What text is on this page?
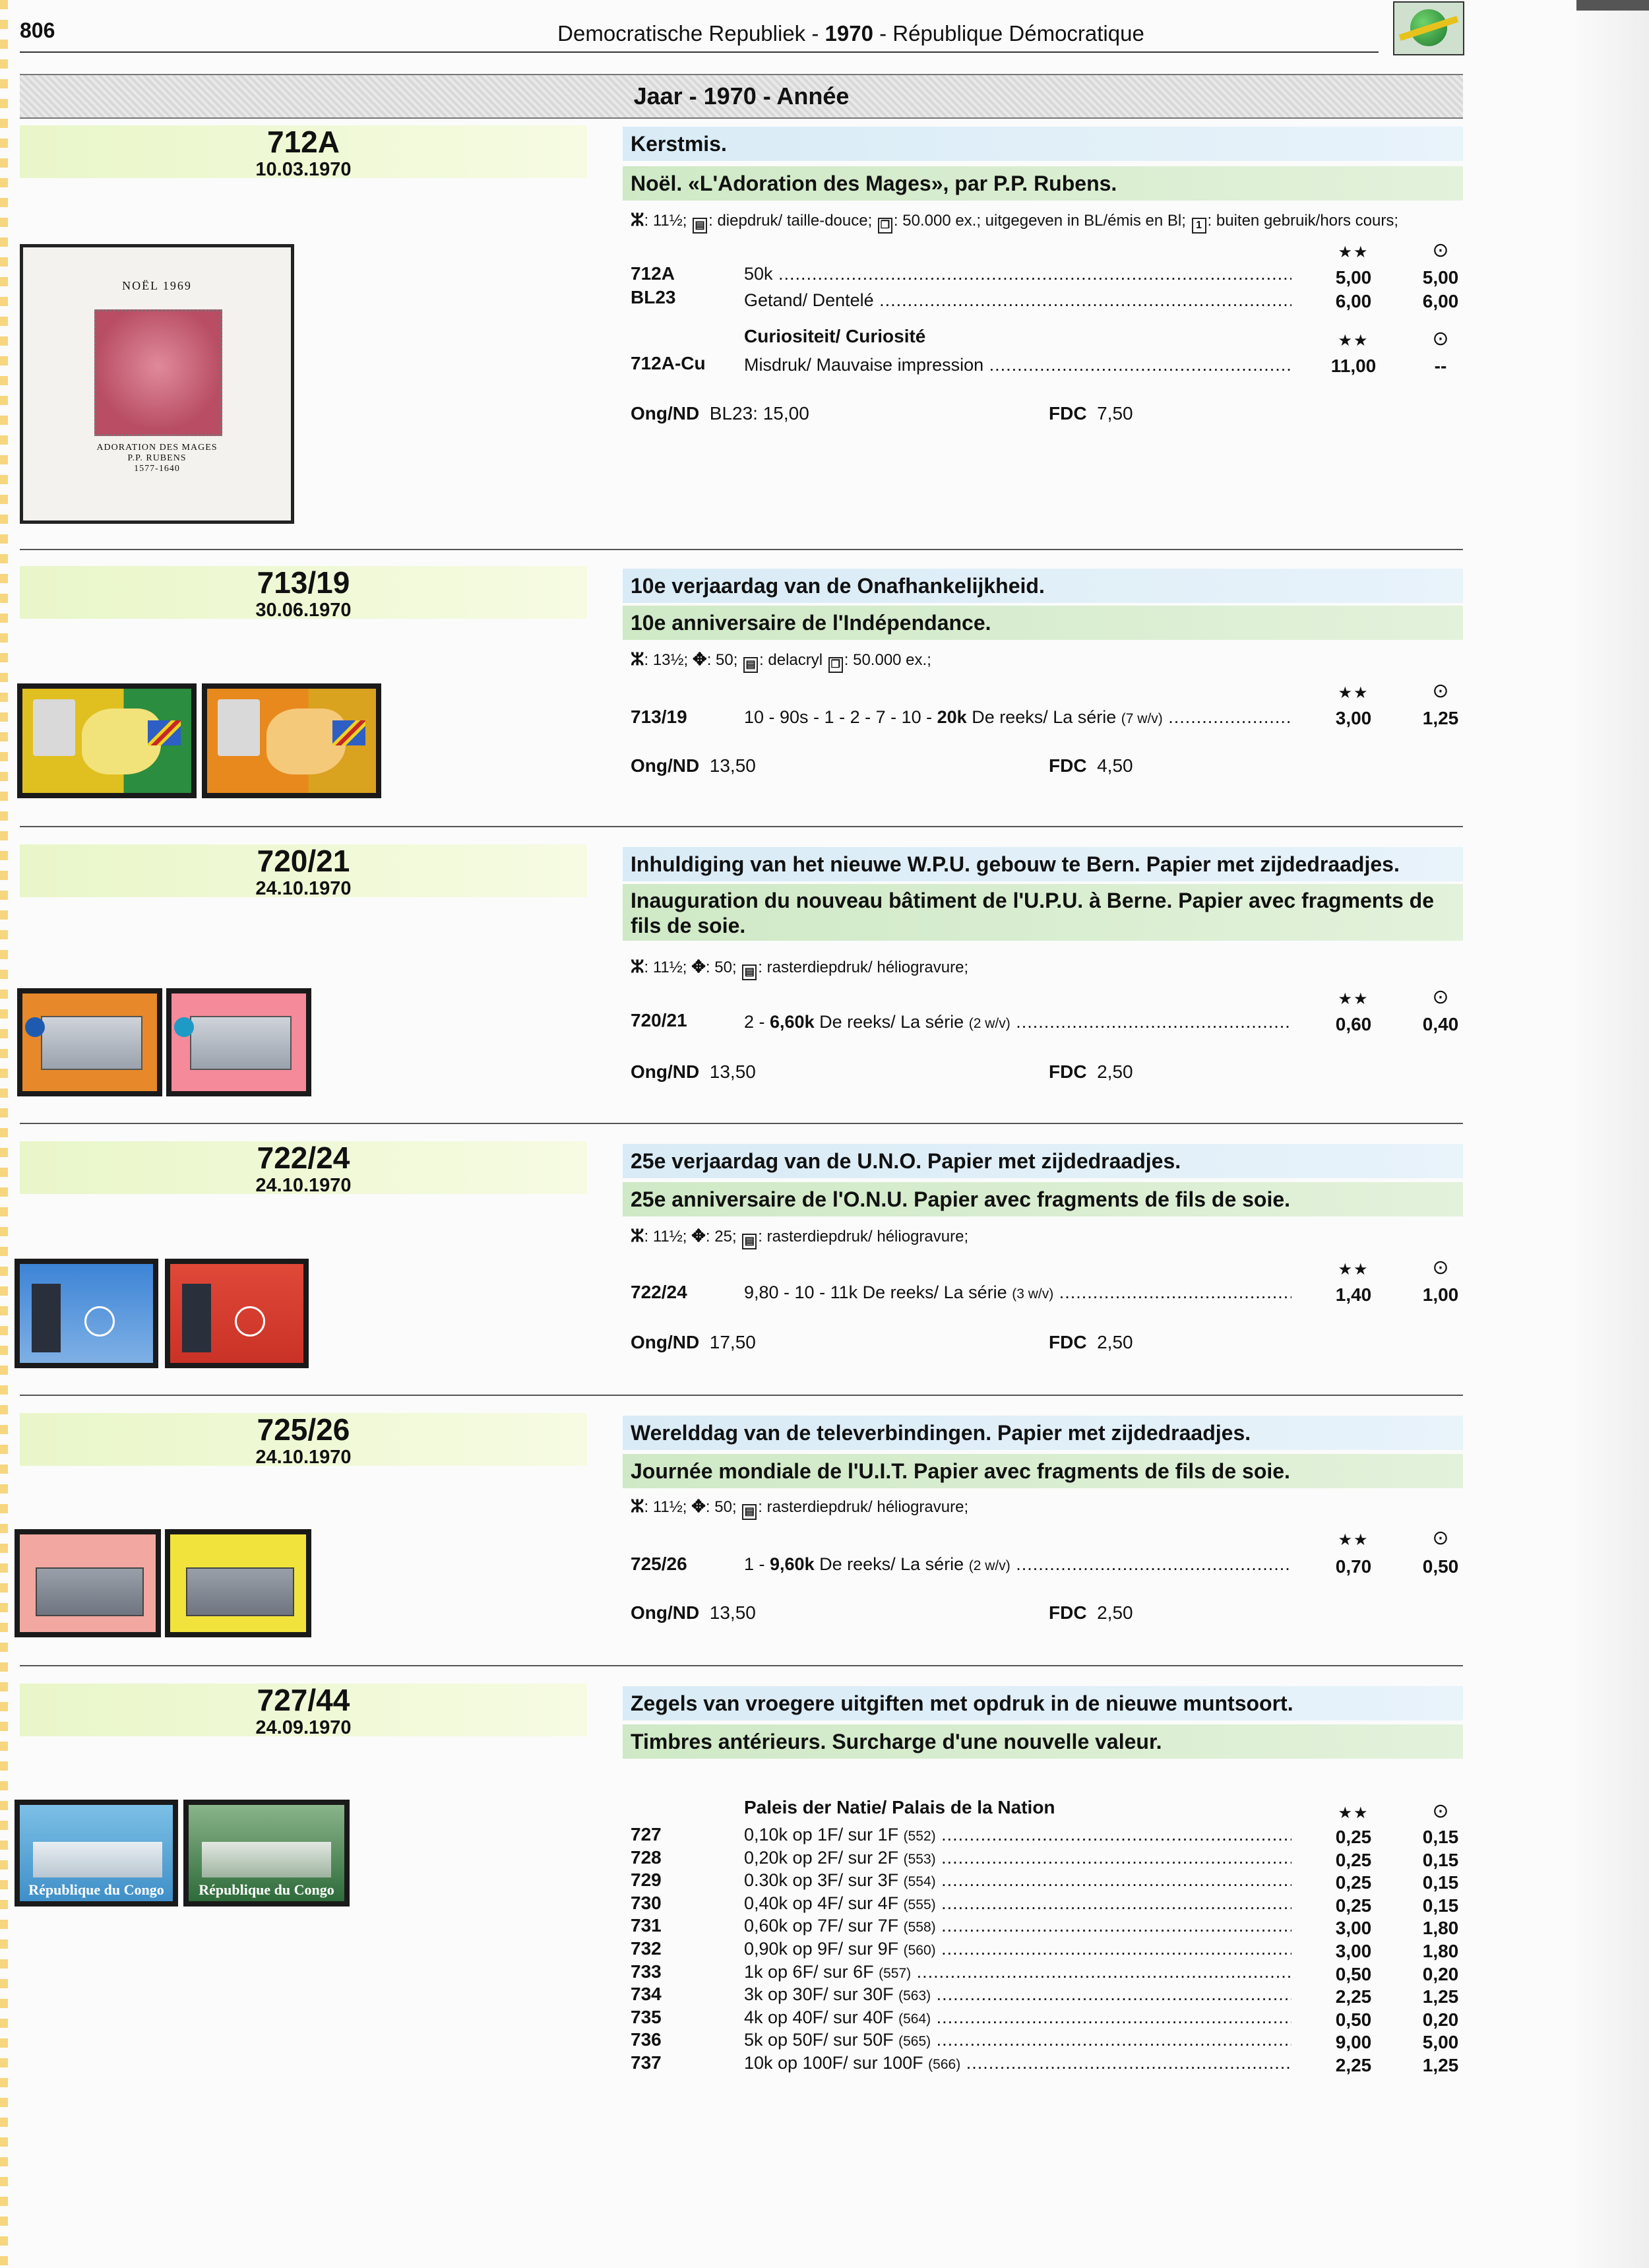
806	Democratische Republiek - 1970 - République Démocratique
Jaar - 1970 - Année
712A
10.03.1970
Kerstmis.
Noël. «L'Adoration des Mages», par P.P. Rubens.
ⵣ: 11½; ▤ : diepdruk/ taille-douce; ❐ : 50.000 ex.; uitgegeven in BL/émis en Bl; 1 : buiten gebruik/hors cours;
NOËL 1969
ADORATION DES MAGES
P.P. RUBENS
1577-1640
★★	⊙
712A	50k .....	5,00	5,00
BL23	Getand/ Dentelé .....	6,00	6,00
Curiositeit/ Curiosité	★★	⊙
712A-Cu Misdruk/ Mauvaise impression .....	11,00	--
Ong/ND BL23: 15,00	FDC 7,50
713/19
30.06.1970
10e verjaardag van de Onafhankelijkheid.
10e anniversaire de l'Indépendance.
ⵣ: 13½; ✥: 50; ▤ : delacryl ❐ : 50.000 ex.;
★★	⊙
713/19	10 - 90s - 1 - 2 - 7 - 10 - 20k De reeks/ La série (7 w/v) .....	3,00	1,25
Ong/ND 13,50	FDC 4,50
720/21
24.10.1970
Inhuldiging van het nieuwe W.P.U. gebouw te Bern. Papier met zijdedraadjes.
Inauguration du nouveau bâtiment de l'U.P.U. à Berne. Papier avec fragments de fils de soie.
ⵣ: 11½; ✥: 50; ▤ : rasterdiepdruk/ héliogravure;
★★	⊙
720/21	2 - 6,60k De reeks/ La série (2 w/v) .....	0,60	0,40
Ong/ND 13,50	FDC 2,50
722/24
24.10.1970
25e verjaardag van de U.N.O. Papier met zijdedraadjes.
25e anniversaire de l'O.N.U. Papier avec fragments de fils de soie.
ⵣ: 11½; ✥: 25; ▤ : rasterdiepdruk/ héliogravure;
★★	⊙
722/24	9,80 - 10 - 11k De reeks/ La série (3 w/v) .....	1,40	1,00
Ong/ND 17,50	FDC 2,50
725/26
24.10.1970
Werelddag van de televerbindingen. Papier met zijdedraadjes.
Journée mondiale de l'U.I.T. Papier avec fragments de fils de soie.
ⵣ: 11½; ✥: 50; ▤ : rasterdiepdruk/ héliogravure;
★★	⊙
725/26	1 - 9,60k De reeks/ La série (2 w/v) .....	0,70	0,50
Ong/ND 13,50	FDC 2,50
727/44
24.09.1970
Zegels van vroegere uitgiften met opdruk in de nieuwe muntsoort.
Timbres antérieurs. Surcharge d'une nouvelle valeur.
République du Congo	République du Congo
Paleis der Natie/ Palais de la Nation	★★	⊙
727	0,10k op 1F/ sur 1F (552) .....	0,25	0,15
728	0,20k op 2F/ sur 2F (553) .....	0,25	0,15
729	0.30k op 3F/ sur 3F (554) .....	0,25	0,15
730	0,40k op 4F/ sur 4F (555) .....	0,25	0,15
731	0,60k op 7F/ sur 7F (558) .....	3,00	1,80
732	0,90k op 9F/ sur 9F (560) .....	3,00	1,80
733	1k op 6F/ sur 6F (557) .....	0,50	0,20
734	3k op 30F/ sur 30F (563) .....	2,25	1,25
735	4k op 40F/ sur 40F (564) .....	0,50	0,20
736	5k op 50F/ sur 50F (565) .....	9,00	5,00
737	10k op 100F/ sur 100F (566) .....	2,25	1,25
